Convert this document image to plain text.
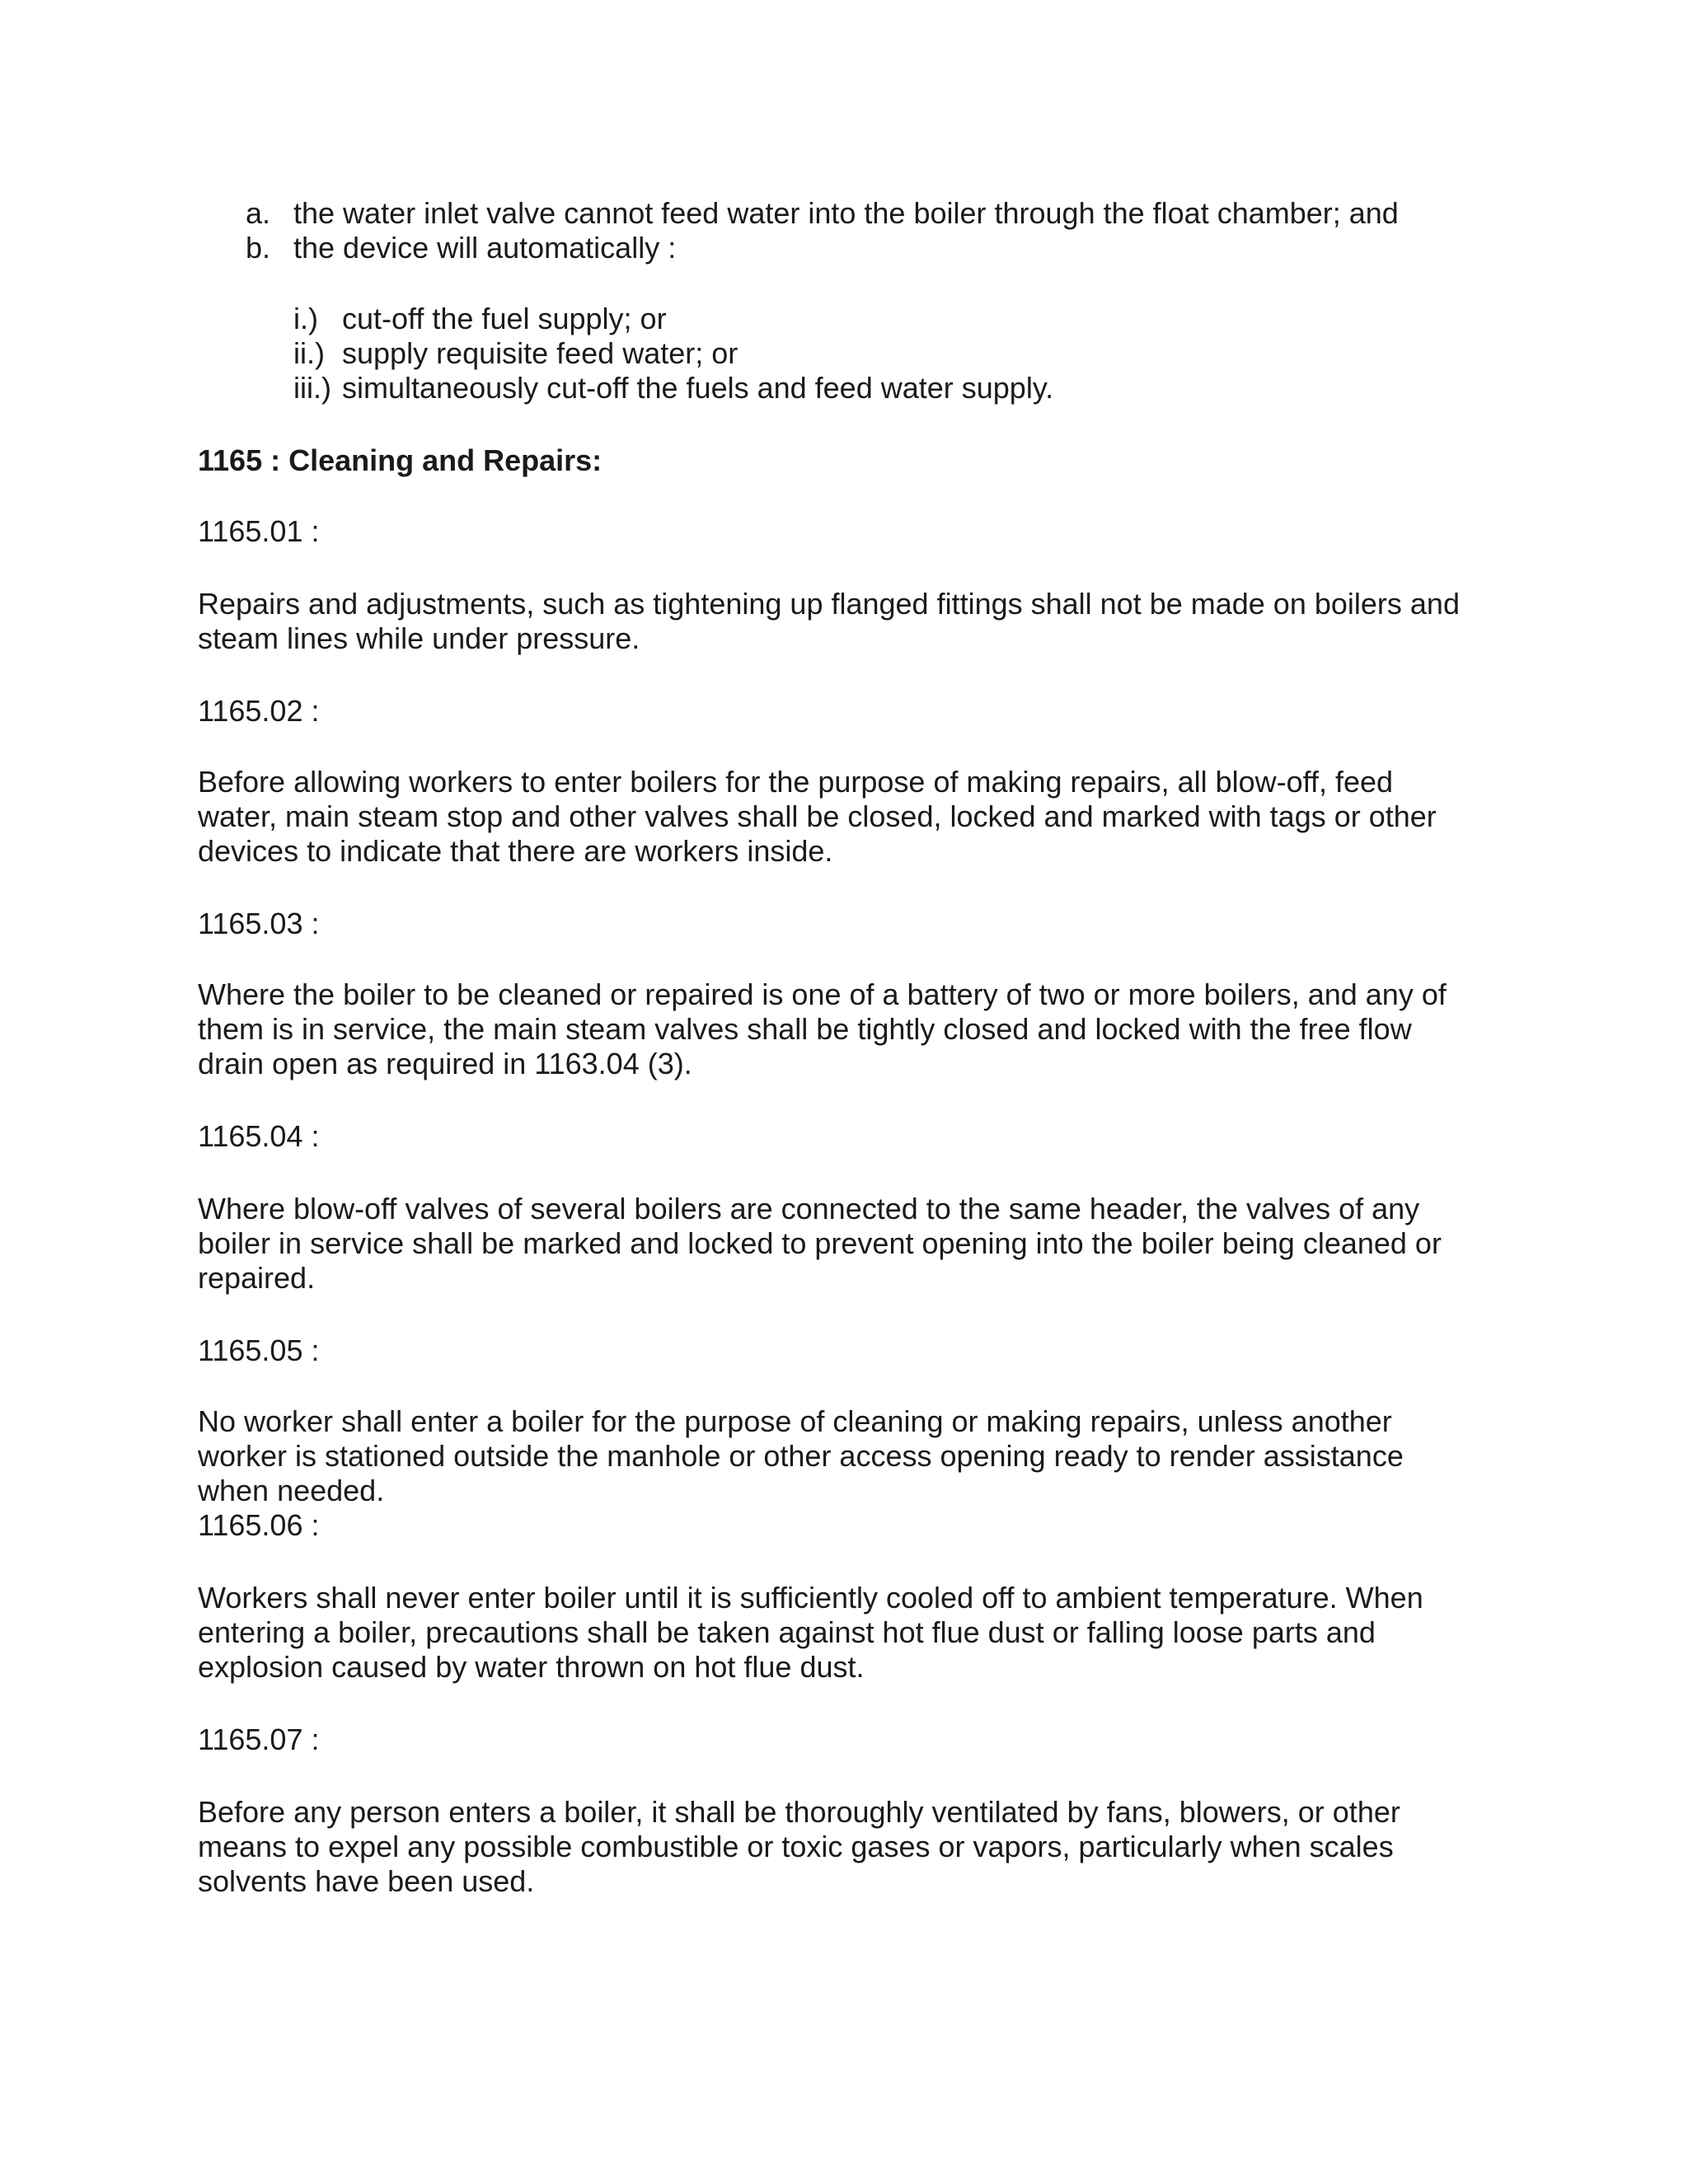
a. the water inlet valve cannot feed water into the boiler through the float chamber; and
b. the device will automatically :
i.) cut-off the fuel supply; or
ii.) supply requisite feed water; or
iii.) simultaneously cut-off the fuels and feed water supply.
1165 : Cleaning and Repairs:
1165.01 :
Repairs and adjustments, such as tightening up flanged fittings shall not be made on boilers and
steam lines while under pressure.
1165.02 :
Before allowing workers to enter boilers for the purpose of making repairs, all blow-off, feed
water, main steam stop and other valves shall be closed, locked and marked with tags or other
devices to indicate that there are workers inside.
1165.03 :
Where the boiler to be cleaned or repaired is one of a battery of two or more boilers, and any of
them is in service, the main steam valves shall be tightly closed and locked with the free flow
drain open as required in 1163.04 (3).
1165.04 :
Where blow-off valves of several boilers are connected to the same header, the valves of any
boiler in service shall be marked and locked to prevent opening into the boiler being cleaned or
repaired.
1165.05 :
No worker shall enter a boiler for the purpose of cleaning or making repairs, unless another
worker is stationed outside the manhole or other access opening ready to render assistance
when needed.
1165.06 :
Workers shall never enter boiler until it is sufficiently cooled off to ambient temperature. When
entering a boiler, precautions shall be taken against hot flue dust or falling loose parts and
explosion caused by water thrown on hot flue dust.
1165.07 :
Before any person enters a boiler, it shall be thoroughly ventilated by fans, blowers, or other
means to expel any possible combustible or toxic gases or vapors, particularly when scales
solvents have been used.
